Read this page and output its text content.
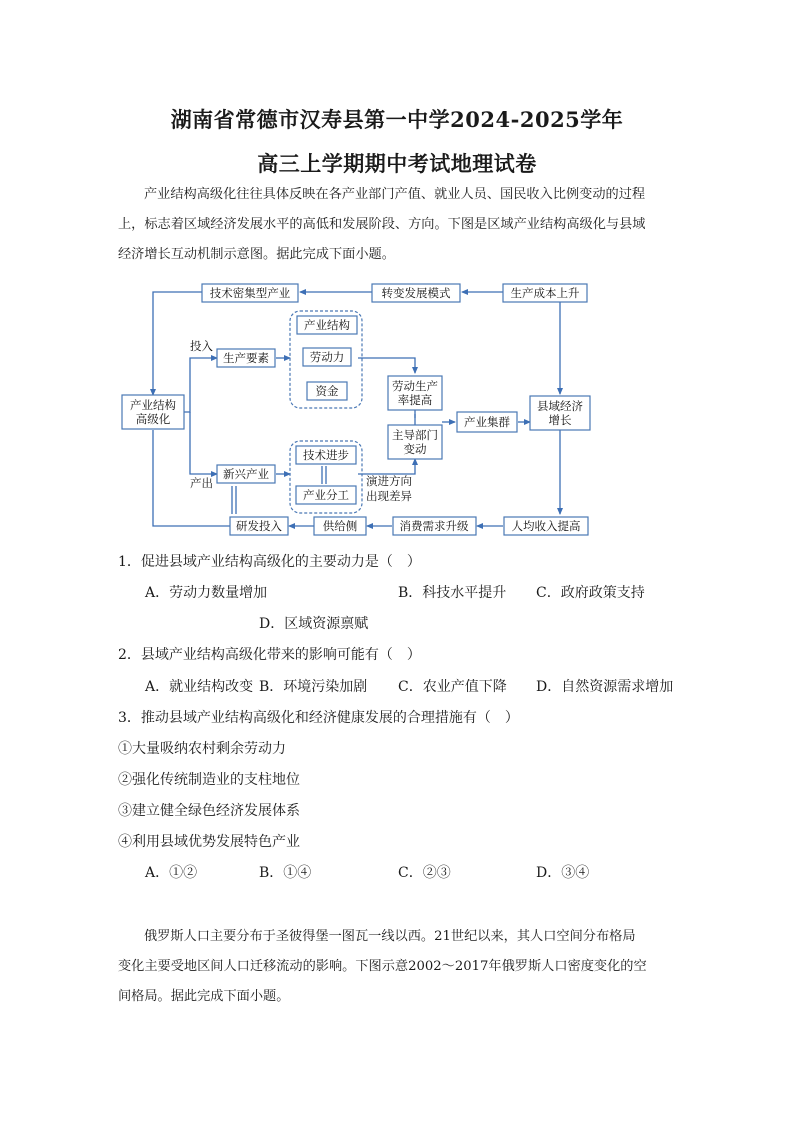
湖南省常德市汉寿县第一中学2024-2025学年
高三上学期期中考试地理试卷
产业结构高级化往往具体反映在各产业部门产值、就业人员、国民收入比例变动的过程
上，标志着区域经济发展水平的高低和发展阶段、方向。下图是区域产业结构高级化与县域
经济增长互动机制示意图。据此完成下面小题。
技术密集型产业	转变发展模式	生产成本上升
产业结构
劳动力
资金
投入
生产要素
产业结构
高级化
劳动生产
率提高
主导部门
变动
产业集群
县域经济
增长
产出
新兴产业
技术进步
产业分工
演进方向
出现差异
研发投入	供给侧	消费需求升级	人均收入提高
1．促进县域产业结构高级化的主要动力是（　）
A．劳动力数量增加	B．科技水平提升 C．政府政策支持
D．区域资源禀赋
2．县域产业结构高级化带来的影响可能有（　）
A．就业结构改变 B．环境污染加剧 C．农业产值下降 D．自然资源需求增加
3．推动县域产业结构高级化和经济健康发展的合理措施有（　）
①大量吸纳农村剩余劳动力
②强化传统制造业的支柱地位
③建立健全绿色经济发展体系
④利用县域优势发展特色产业
A．①②	B．①④	C．②③	D．③④
俄罗斯人口主要分布于圣彼得堡一图瓦一线以西。21世纪以来，其人口空间分布格局
变化主要受地区间人口迁移流动的影响。下图示意2002～2017年俄罗斯人口密度变化的空
间格局。据此完成下面小题。
